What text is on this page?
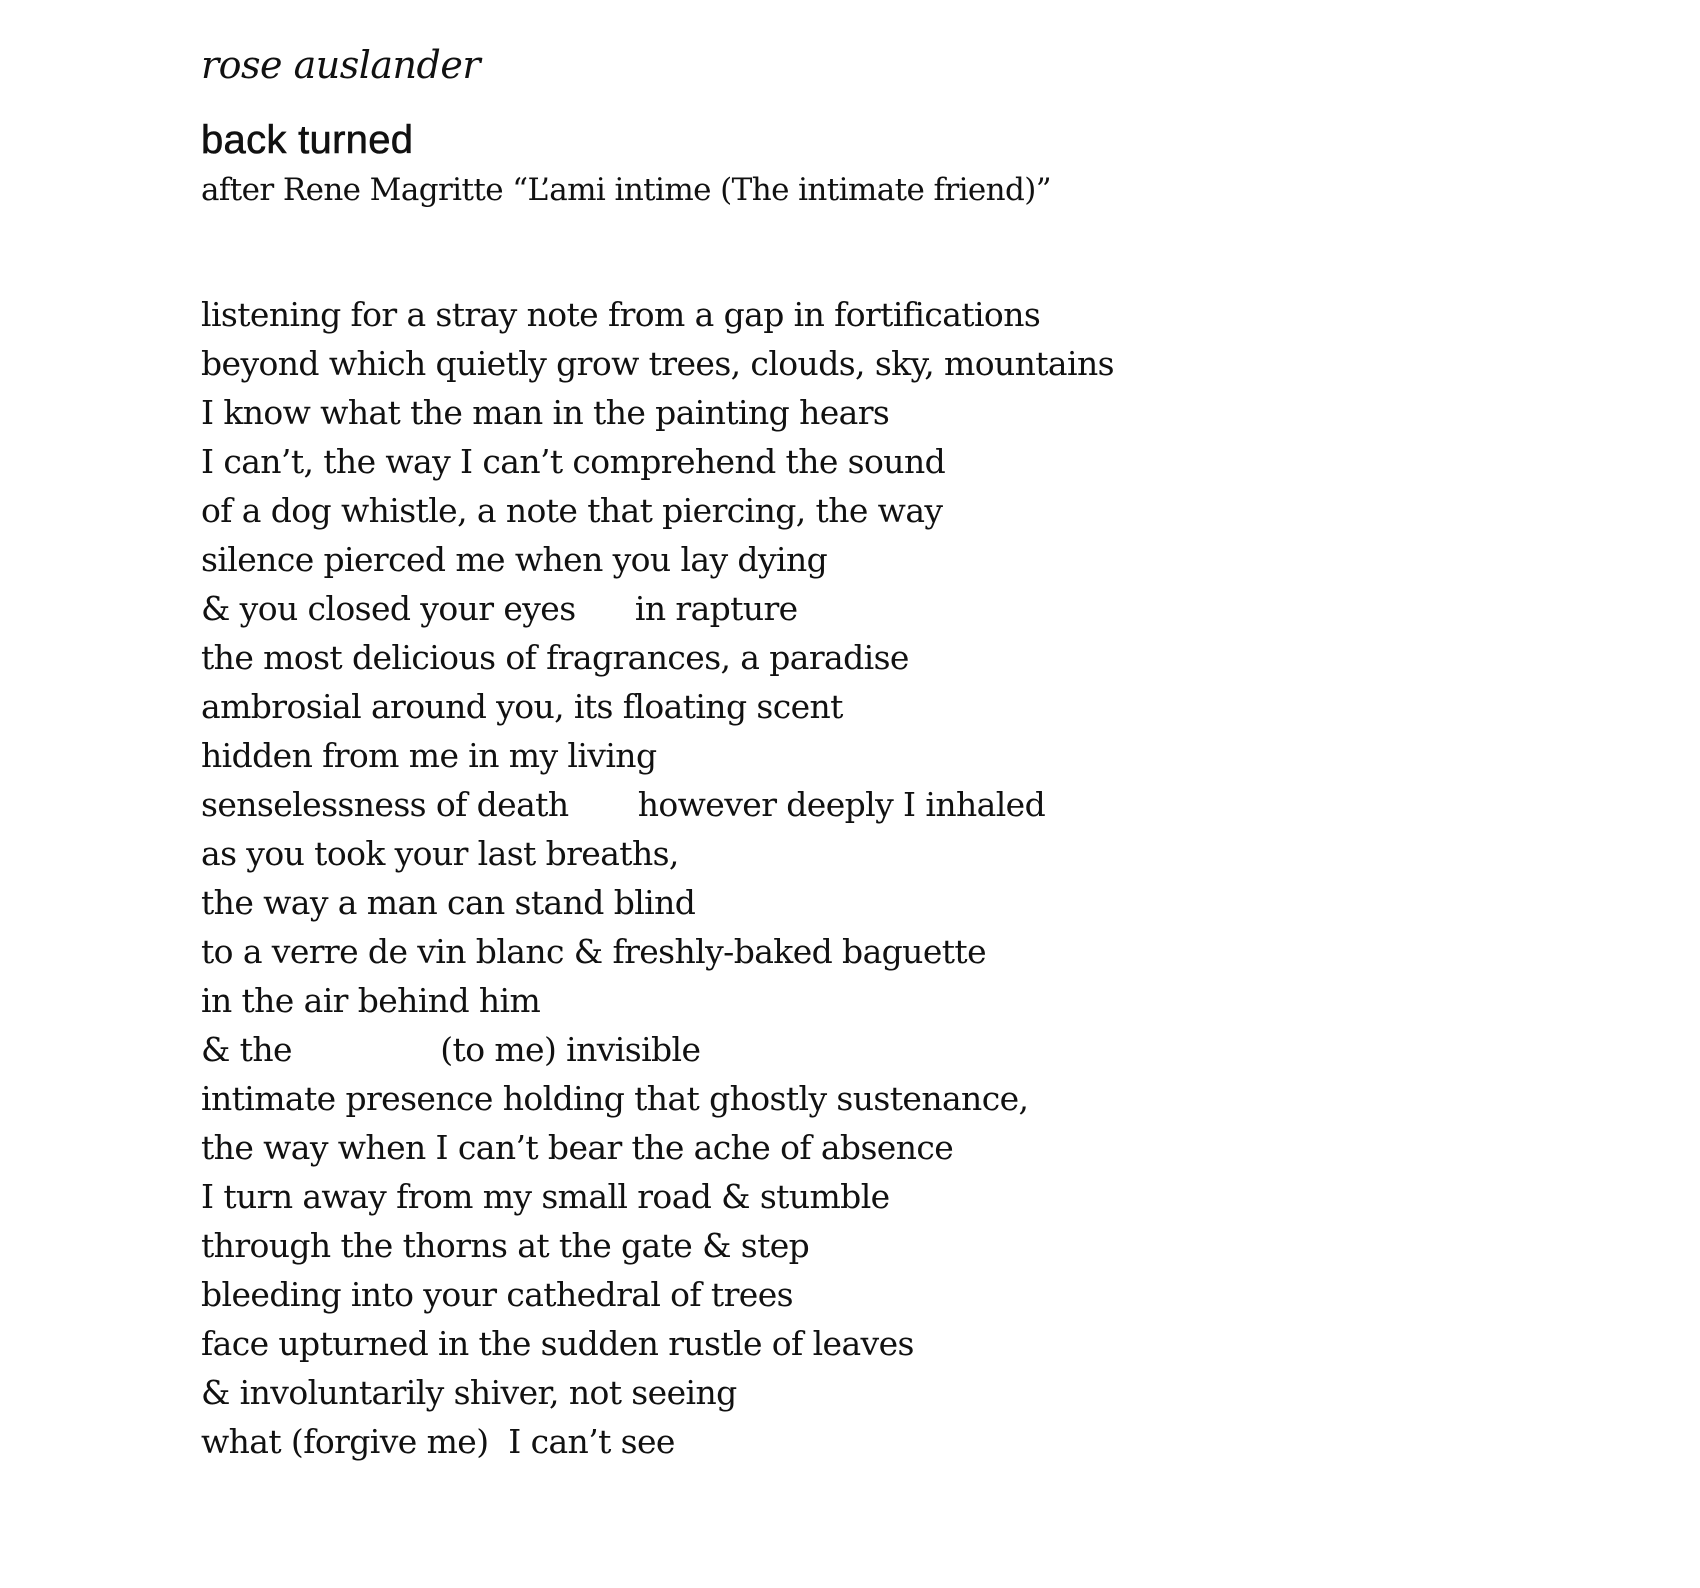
rose auslander

back turned

after Rene Magritte “L’ami intime (The intimate friend)”

listening for a stray note from a gap in fortifications
beyond which quietly grow trees, clouds, sky, mountains
I know what the man in the painting hears
I can’t, the way I can’t comprehend the sound
of a dog whistle, a note that piercing, the way
silence pierced me when you lay dying
& you closed your eyes      in rapture
the most delicious of fragrances, a paradise
ambrosial around you, its floating scent
hidden from me in my living
senselessness of death       however deeply I inhaled
as you took your last breaths,
the way a man can stand blind
to a verre de vin blanc & freshly-baked baguette
in the air behind him
& the               (to me) invisible
intimate presence holding that ghostly sustenance,
the way when I can’t bear the ache of absence
I turn away from my small road & stumble
through the thorns at the gate & step
bleeding into your cathedral of trees
face upturned in the sudden rustle of leaves
& involuntarily shiver, not seeing
what (forgive me)  I can’t see
